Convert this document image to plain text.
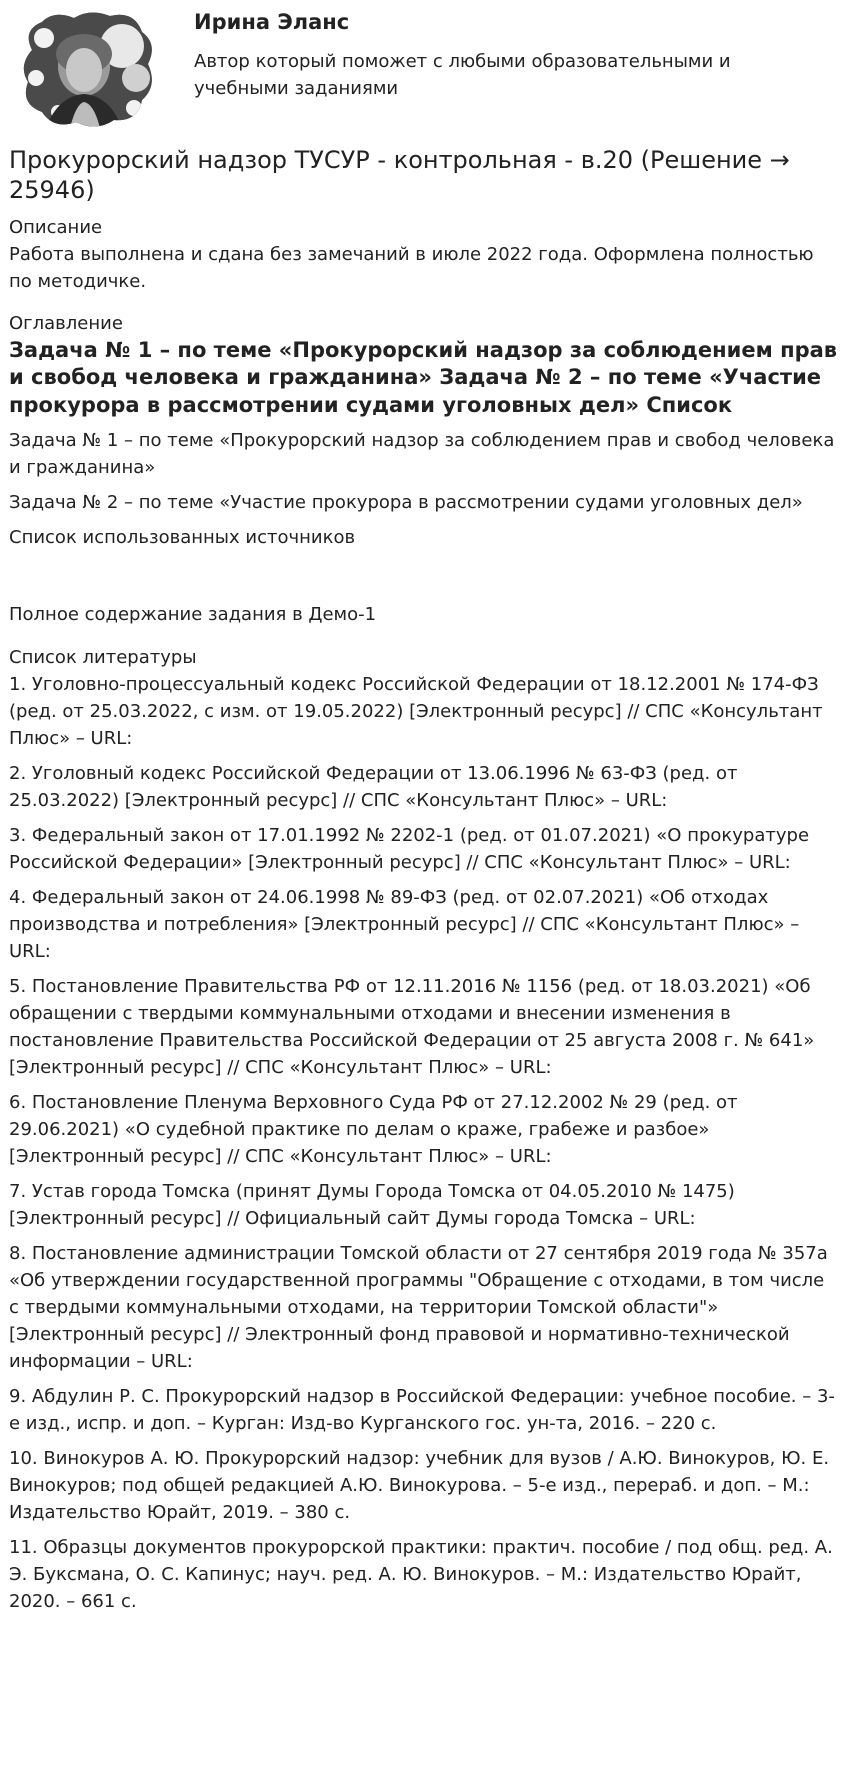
Ирина Эланс
Автор который поможет с любыми образовательными и учебными заданиями
Прокурорский надзор ТУСУР - контрольная - в.20 (Решение → 25946)

Описание

Работа выполнена и сдана без замечаний в июле 2022 года. Оформлена полностью по методичке.

Оглавление

Задача № 1 – по теме «Прокурорский надзор за соблюдением прав и свобод человека и гражданина» Задача № 2 – по теме «Участие прокурора в рассмотрении судами уголовных дел» Список

Задача № 1 – по теме «Прокурорский надзор за соблюдением прав и свобод человека и гражданина»

Задача № 2 – по теме «Участие прокурора в рассмотрении судами уголовных дел»

Список использованных источников

Полное содержание задания в Демо-1

Список литературы

1. Уголовно-процессуальный кодекс Российской Федерации от 18.12.2001 № 174-ФЗ (ред. от 25.03.2022, с изм. от 19.05.2022) [Электронный ресурс] // СПС «Консультант Плюс» – URL:

2. Уголовный кодекс Российской Федерации от 13.06.1996 № 63-ФЗ (ред. от 25.03.2022) [Электронный ресурс] // СПС «Консультант Плюс» – URL:

3. Федеральный закон от 17.01.1992 № 2202-1 (ред. от 01.07.2021) «О прокуратуре Российской Федерации» [Электронный ресурс] // СПС «Консультант Плюс» – URL:

4. Федеральный закон от 24.06.1998 № 89-ФЗ (ред. от 02.07.2021) «Об отходах производства и потребления» [Электронный ресурс] // СПС «Консультант Плюс» – URL:

5. Постановление Правительства РФ от 12.11.2016 № 1156 (ред. от 18.03.2021) «Об обращении с твердыми коммунальными отходами и внесении изменения в постановление Правительства Российской Федерации от 25 августа 2008 г. № 641» [Электронный ресурс] // СПС «Консультант Плюс» – URL:

6. Постановление Пленума Верховного Суда РФ от 27.12.2002 № 29 (ред. от 29.06.2021) «О судебной практике по делам о краже, грабеже и разбое» [Электронный ресурс] // СПС «Консультант Плюс» – URL:

7. Устав города Томска (принят Думы Города Томска от 04.05.2010 № 1475) [Электронный ресурс] // Официальный сайт Думы города Томска – URL:

8. Постановление администрации Томской области от 27 сентября 2019 года № 357а «Об утверждении государственной программы "Обращение с отходами, в том числе с твердыми коммунальными отходами, на территории Томской области"» [Электронный ресурс] // Электронный фонд правовой и нормативно-технической информации – URL:

9. Абдулин Р. С. Прокурорский надзор в Российской Федерации: учебное пособие. – 3-е изд., испр. и доп. – Курган: Изд-во Курганского гос. ун-та, 2016. – 220 с.

10. Винокуров А. Ю. Прокурорский надзор: учебник для вузов / А.Ю. Винокуров, Ю. Е. Винокуров; под общей редакцией А.Ю. Винокурова. – 5-е изд., перераб. и доп. – М.: Издательство Юрайт, 2019. – 380 с.

11. Образцы документов прокурорской практики: практич. пособие / под общ. ред. А. Э. Буксмана, О. С. Капинус; науч. ред. А. Ю. Винокуров. – М.: Издательство Юрайт, 2020. – 661 с.
